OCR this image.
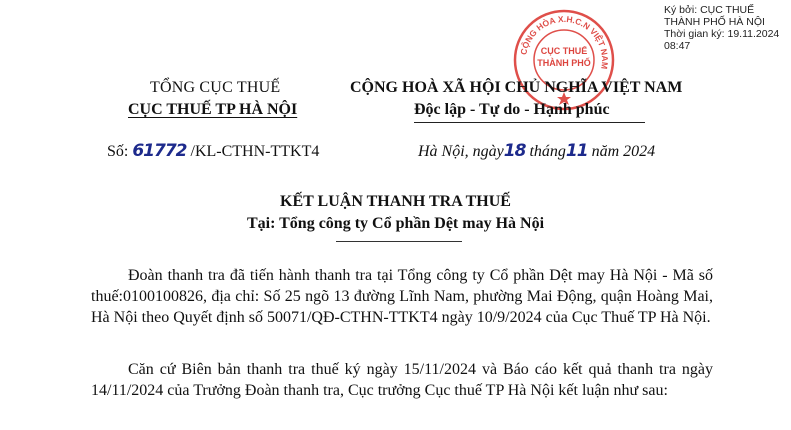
Ký bởi: CỤC THUẾ THÀNH PHỐ HÀ NỘI
Thời gian ký: 19.11.2024 08:47
CỘNG HÒA X.H.C.N VIỆT NAM
CỤC THUẾ
THÀNH PHỐ
TỔNG CỤC THUẾ
CỤC THUẾ TP HÀ NỘI
CỘNG HOÀ XÃ HỘI CHỦ NGHĨA VIỆT NAM
Độc lập - Tự do - Hạnh phúc
Số: 61772 /KL-CTHN-TTKT4	Hà Nội, ngày18 tháng11 năm 2024
KẾT LUẬN THANH TRA THUẾ
Tại: Tổng công ty Cổ phần Dệt may Hà Nội

Đoàn thanh tra đã tiến hành thanh tra tại Tổng công ty Cổ phần Dệt may Hà Nội - Mã số thuế:0100100826, địa chỉ: Số 25 ngõ 13 đường Lĩnh Nam, phường Mai Động, quận Hoàng Mai, Hà Nội theo Quyết định số 50071/QĐ-CTHN-TTKT4 ngày 10/9/2024 của Cục Thuế TP Hà Nội.

Căn cứ Biên bản thanh tra thuế ký ngày 15/11/2024 và Báo cáo kết quả thanh tra ngày 14/11/2024 của Trưởng Đoàn thanh tra, Cục trưởng Cục thuế TP Hà Nội kết luận như sau:
